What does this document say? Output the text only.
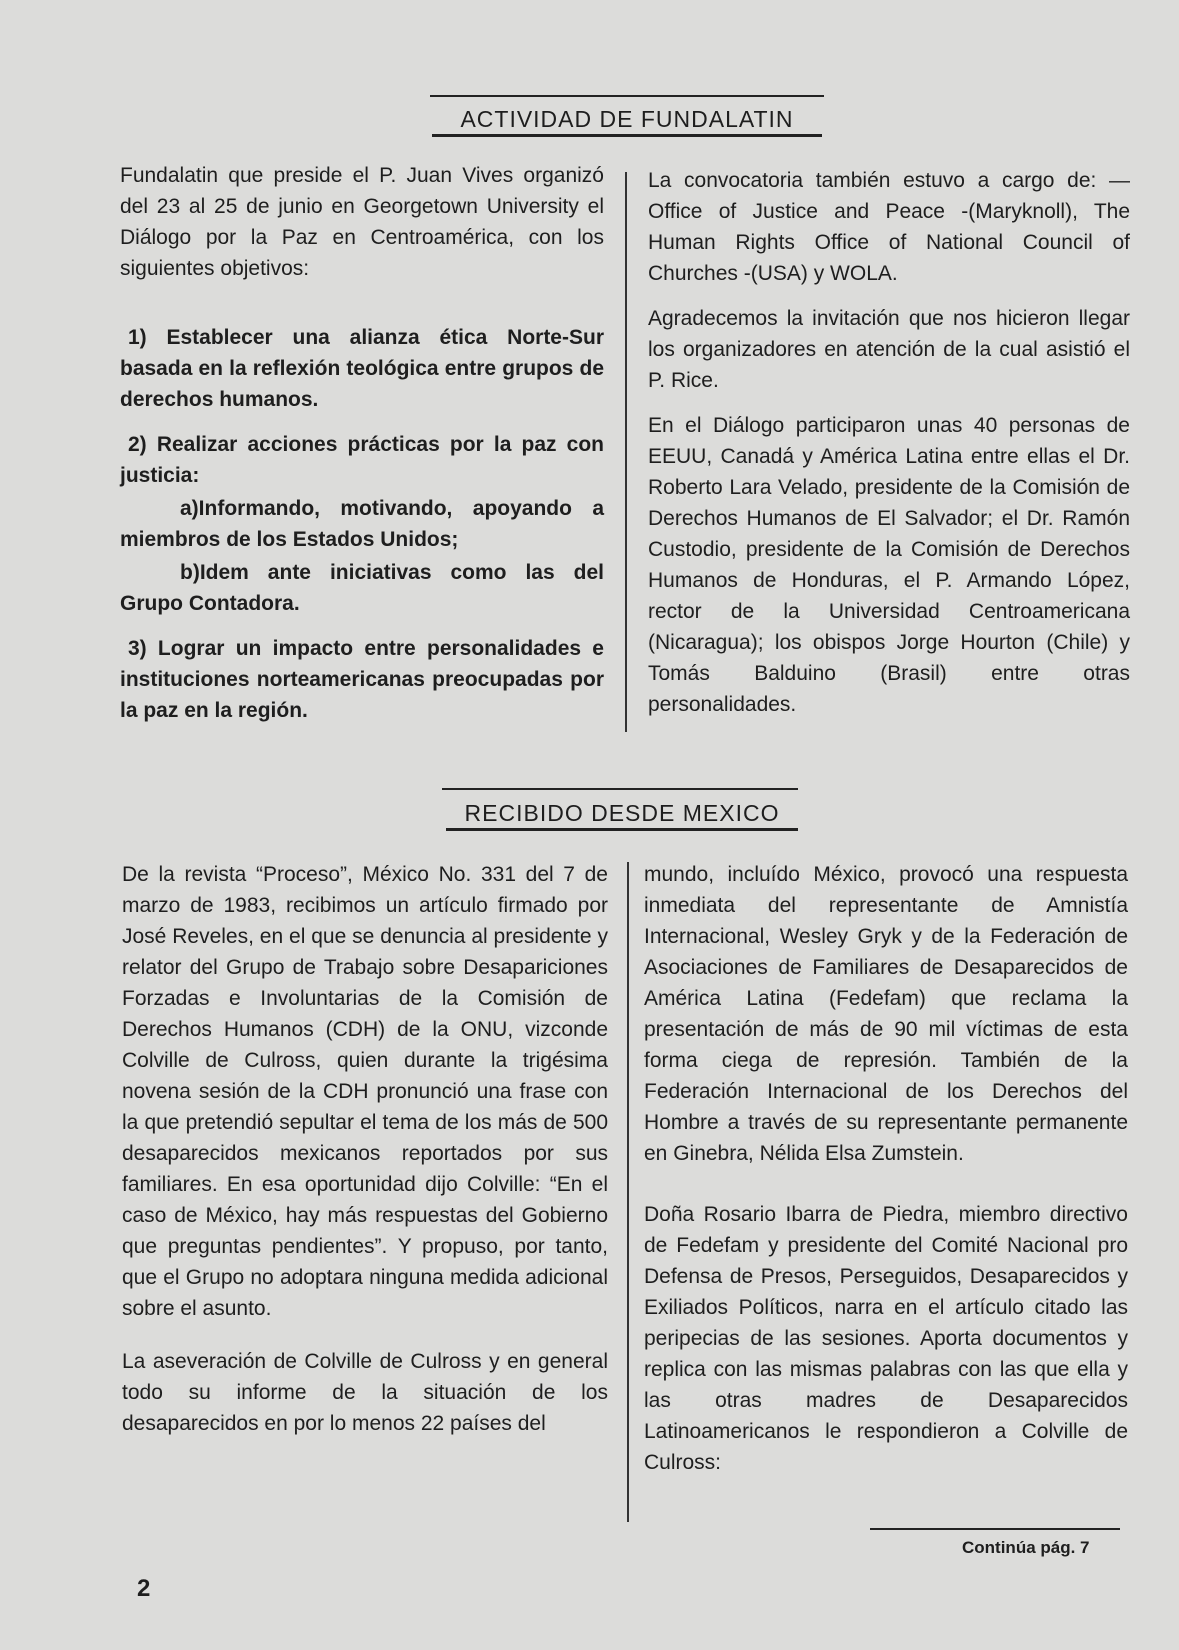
ACTIVIDAD DE FUNDALATIN

Fundalatin que preside el P. Juan Vives organizó del 23 al 25 de junio en Georgetown University el Diálogo por la Paz en Centroamérica, con los siguientes objetivos:

1) Establecer una alianza ética Norte-Sur basada en la reflexión teológica entre grupos de derechos humanos.

2) Realizar acciones prácticas por la paz con justicia:

a)Informando, motivando, apoyando a miembros de los Estados Unidos;

b)Idem ante iniciativas como las del Grupo Contadora.

3) Lograr un impacto entre personalidades e instituciones norteamericanas preocupadas por la paz en la región.

La convocatoria también estuvo a cargo de: — Office of Justice and Peace -(Maryknoll), The Human Rights Office of National Council of Churches -(USA) y WOLA.

Agradecemos la invitación que nos hicieron llegar los organizadores en atención de la cual asistió el P. Rice.

En el Diálogo participaron unas 40 personas de EEUU, Canadá y América Latina entre ellas el Dr. Roberto Lara Velado, presidente de la Comisión de Derechos Humanos de El Salvador; el Dr. Ramón Custodio, presidente de la Comisión de Derechos Humanos de Honduras, el P. Armando López, rector de la Universidad Centroamericana (Nicaragua); los obispos Jorge Hourton (Chile) y Tomás Balduino (Brasil) entre otras personalidades.

RECIBIDO DESDE MEXICO

De la revista “Proceso”, México No. 331 del 7 de marzo de 1983, recibimos un artículo firmado por José Reveles, en el que se denuncia al presidente y relator del Grupo de Trabajo sobre Desapariciones Forzadas e Involuntarias de la Comisión de Derechos Humanos (CDH) de la ONU, vizconde Colville de Culross, quien durante la trigésima novena sesión de la CDH pronunció una frase con la que pretendió sepultar el tema de los más de 500 desaparecidos mexicanos reportados por sus familiares. En esa oportunidad dijo Colville: “En el caso de México, hay más respuestas del Gobierno que preguntas pendientes”. Y propuso, por tanto, que el Grupo no adoptara ninguna medida adicional sobre el asunto.

La aseveración de Colville de Culross y en general todo su informe de la situación de los desaparecidos en por lo menos 22 países del

mundo, incluído México, provocó una respuesta inmediata del representante de Amnistía Internacional, Wesley Gryk y de la Federación de Asociaciones de Familiares de Desaparecidos de América Latina (Fedefam) que reclama la presentación de más de 90 mil víctimas de esta forma ciega de represión. También de la Federación Internacional de los Derechos del Hombre a través de su representante permanente en Ginebra, Nélida Elsa Zumstein.

Doña Rosario Ibarra de Piedra, miembro directivo de Fedefam y presidente del Comité Nacional pro Defensa de Presos, Perseguidos, Desaparecidos y Exiliados Políticos, narra en el artículo citado las peripecias de las sesiones. Aporta documentos y replica con las mismas palabras con las que ella y las otras madres de Desaparecidos Latinoamericanos le respondieron a Colville de Culross:

Continúa pág. 7
2
